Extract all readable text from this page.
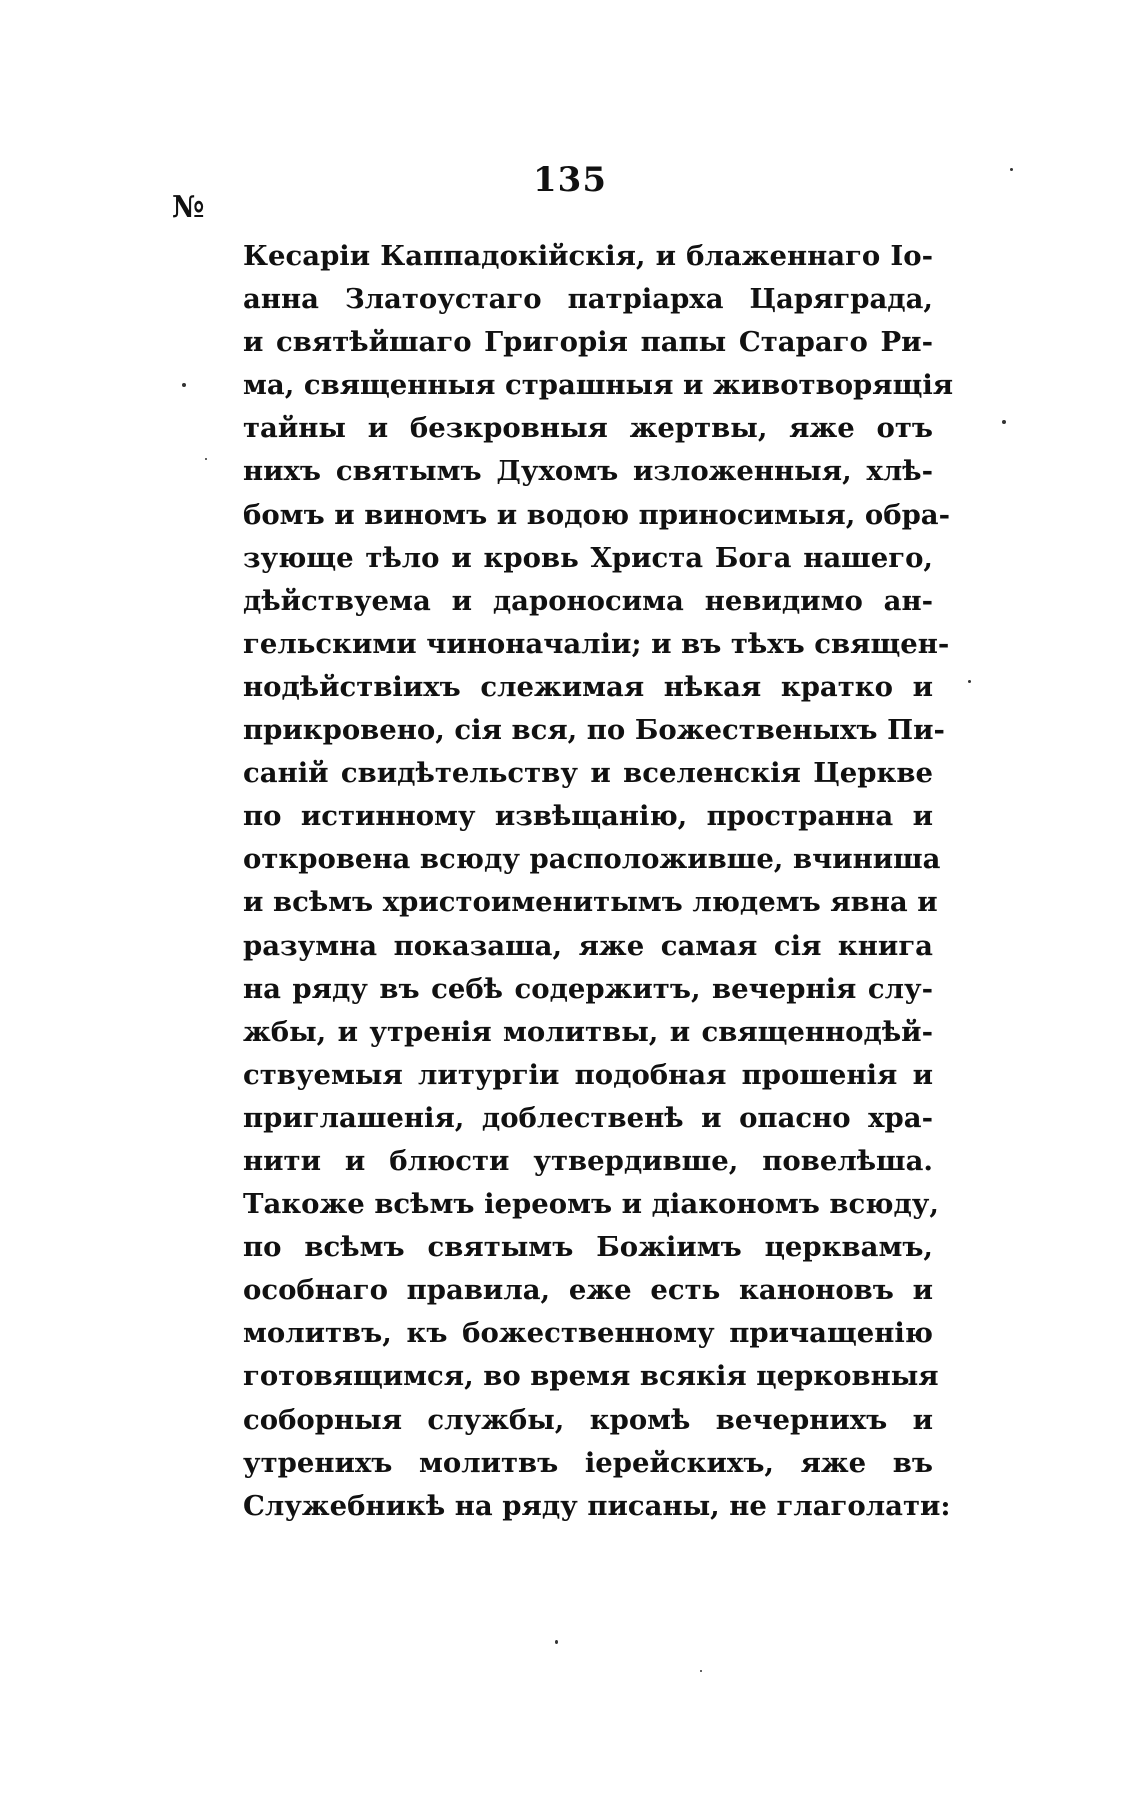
135
№
Кесаріи Каппадокійскія, и блаженнаго Іо-
анна Златоустаго патріарха Царяграда,
и святѣйшаго Григорія папы Стараго Ри-
ма, священныя страшныя и животворящія
тайны и безкровныя жертвы, яже отъ
нихъ святымъ Духомъ изложенныя, хлѣ-
бомъ и виномъ и водою приносимыя, обра-
зующе тѣло и кровь Христа Бога нашего,
дѣйствуема и дароносима невидимо ан-
гельскими чиноначаліи; и въ тѣхъ священ-
нодѣйствіихъ слежимая нѣкая кратко и
прикровено, сія вся, по Божественыхъ Пи-
саній свидѣтельству и вселенскія Церкве
по истинному извѣщанію, пространна и
откровена всюду расположивше, вчиниша
и всѣмъ христоименитымъ людемъ явна и
разумна показаша, яже самая сія книга
на ряду въ себѣ содержитъ, вечернія слу-
жбы, и утренія молитвы, и священнодѣй-
ствуемыя литургіи подобная прошенія и
приглашенія, доблественѣ и опасно хра-
нити и блюсти утвердивше, повелѣша.
Такоже всѣмъ іереомъ и діакономъ всюду,
по всѣмъ святымъ Божіимъ церквамъ,
особнаго правила, еже есть каноновъ и
молитвъ, къ божественному причащенію
готовящимся, во время всякія церковныя
соборныя службы, кромѣ вечернихъ и
утренихъ молитвъ іерейскихъ, яже въ
Служебникѣ на ряду писаны, не глаголати:
